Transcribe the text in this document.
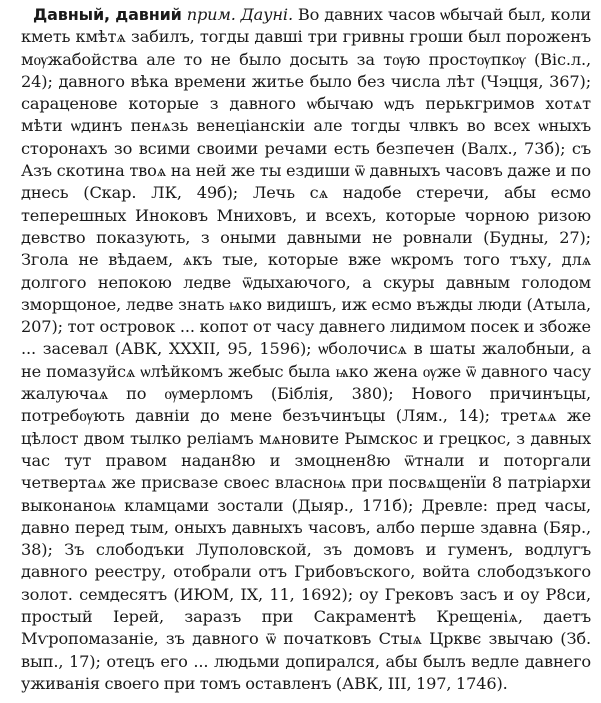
Давный, давний прим. Дауні. Во давних часов ѡбычай был, коли кметь кмѣтѧ забилъ, тогды давші три гривны гроши был пороженъ мѹжабойства але то не было досыть за тѹю простѹпкѹ (Віс.л., 24); давного вѣка времени житье было без числа лѣт (Чэцця, 367); сараценове которые з давного ѡбычаю ѡдъ перькгримов хотѧт мѣти ѡдинъ пенѧзь венеціанскіи але тогды члвкъ во всех ѡныхъ сторонахъ зо всими своими речами есть безпечен (Валх., 73б); съ Азъ скотина твоѧ на ней же ты ездиши ѿ давныхъ часовъ даже и по днесь (Скар. ЛК, 49б); Лечь сѧ надобе стеречи, абы есмо теперешных Иноковъ Мниховъ, и всехъ, которые чорною ризою девство показують, з оными давными не ровнали (Будны, 27); Згола не вѣдаем, ѧкъ тые, которые вже ѡкромъ того тъху, длѧ долгого непокою ледве ѿдыхаючого, а скуры давным голодом зморщоное, ледве знать ѩко видишъ, иж есмо въжды люди (Атыла, 207); тот островок ... копот от часу давнего лидимом посек и збоже ... засевал (АВК, XXXII, 95, 1596); ѡболочисѧ в шаты жалобныи, а не помазуйсѧ ѡлѣйкомъ жебыс была ѩко жена ѹже ѿ давного часу жалуючаѧ по ѹмерломъ (Біблія, 380); Нового причинъцы, потребѹють давніи до мене безъчинъцы (Лям., 14); третѧѧ же цѣлост двом тылко реліамъ мѧновите Рымскос и грецкос, з давных час тут правом надан8ю и змоцнен8ю ѿтнали и поторгали четвертаѧ же присвазе своес власноѩ при посвѧщенїи 8 патріархи выконаноѩ кламцами зостали (Дыяр., 171б); Древле: пред часы, давно перед тым, оныхъ давныхъ часовъ, албо перше здавна (Бяр., 38); Зъ слободъки Луполовской, зъ домовъ и гуменъ, водлугъ давного реестру, отобрали отъ Грибовъского, войта слободзъкого золот. семдесятъ (ИЮМ, IX, 11, 1692); оу Грековъ засъ и оу Р8си, простый Іерей, заразъ при Сакраментѣ Крещеніѧ, даетъ Мѵропомазаніе, зъ давного ѿ початковъ Стыѧ Црквє звычаю (Зб. вып., 17); отецъ его ... людьми допирался, абы былъ ведле давнего уживанія своего при томъ оставленъ (АВК, III, 197, 1746).
